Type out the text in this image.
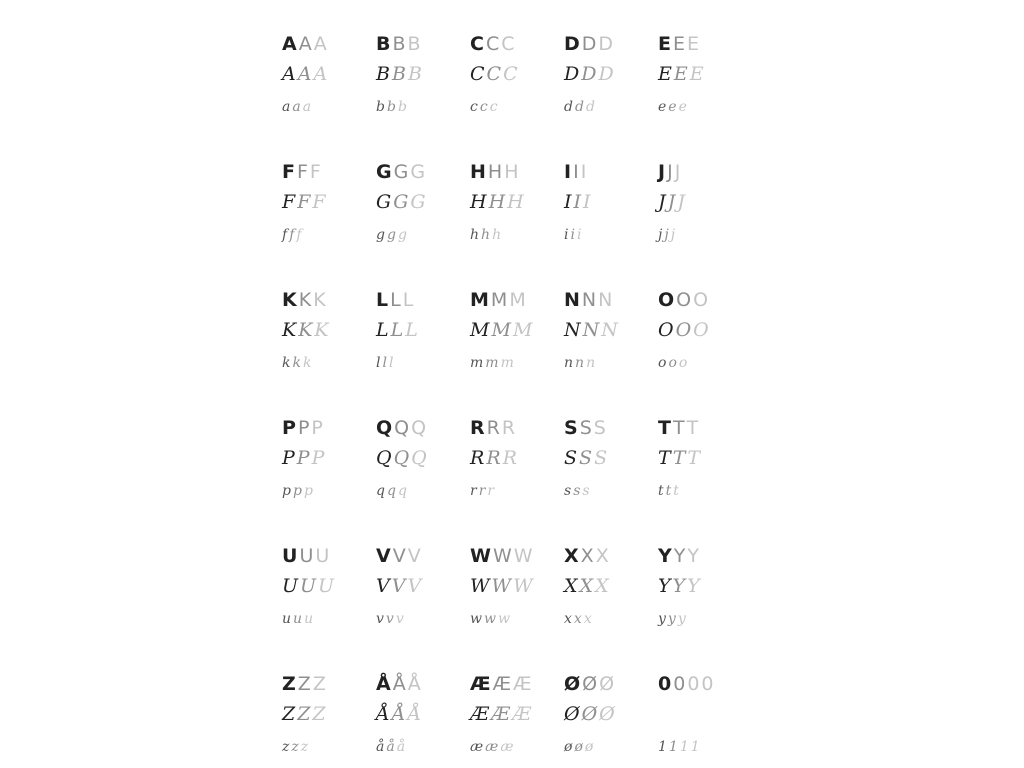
A A A
A A A
a a a
B B B
B B B
b b b
C C C
C C C
c c c
D D D
D D D
d d d
E E E
E E E
e e e
F F F
F F F
f f f
G G G
G G G
g g g
H H H
H H H
h h h
I I I
I I I
i i i
J J J
J J J
j j j
K K K
K K K
k k k
L L L
L L L
l l l
M M M
M M M
m m m
N N N
N N N
n n n
O O O
O O O
o o o
P P P
P P P
p p p
Q Q Q
Q Q Q
q q q
R R R
R R R
r r r
S S S
S S S
s s s
T T T
T T T
t t t
U U U
U U U
u u u
V V V
V V V
v v v
W W W
W W W
w w w
X X X
X X X
x x x
Y Y Y
Y Y Y
y y y
Z Z Z
Z Z Z
z z z
Å Å Å
Å Å Å
å å å
Æ Æ Æ
Æ Æ Æ
æ æ æ
Ø Ø Ø
Ø Ø Ø
ø ø ø
0 0 0 0
1 1 1 1
